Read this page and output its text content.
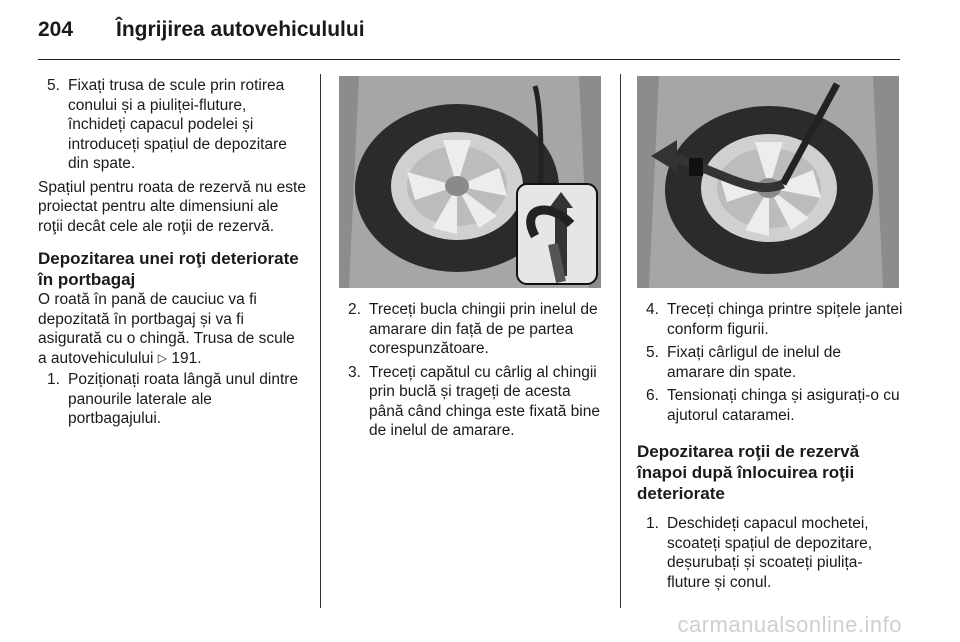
204 Îngrijirea autovehiculului
5. Fixați trusa de scule prin rotirea conului și a piuliței-fluture, închideți capacul podelei și introduceți spațiul de depozitare din spate.

Spațiul pentru roata de rezervă nu este proiectat pentru alte dimensiuni ale roţii decât cele ale roţii de rezervă.

Depozitarea unei roţi deteriorate în portbagaj

O roată în pană de cauciuc va fi depozitată în portbagaj și va fi asigurată cu o chingă. Trusa de scule a autovehiculului ▷ 191.

1. Poziționați roata lângă unul dintre panourile laterale ale portbagajului.
2. Treceți bucla chingii prin inelul de amarare din față de pe partea corespunzătoare.
3. Treceți capătul cu cârlig al chingii prin buclă și trageți de acesta până când chinga este fixată bine de inelul de amarare.
4. Treceți chinga printre spițele jantei conform figurii.
5. Fixați cârligul de inelul de amarare din spate.
6. Tensionați chinga și asigurați-o cu ajutorul cataramei.
Depozitarea roţii de rezervă înapoi după înlocuirea roţii deteriorate
1. Deschideți capacul mochetei, scoateți spațiul de depozitare, deșurubați și scoateți piulița-fluture și conul.
carmanualsonline.info
